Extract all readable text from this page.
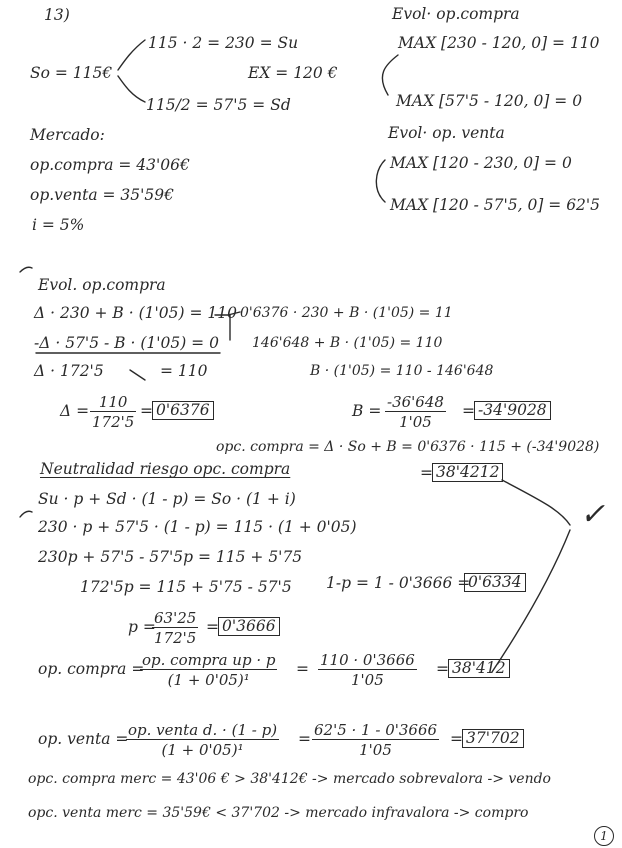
13)
So = 115€
115 · 2 = 230 = Su
115/2 = 57'5 = Sd
EX = 120 €
Evol· op.compra
MAX [230 - 120, 0] = 110
MAX [57'5 - 120, 0] = 0
Mercado:
op.compra = 43'06€
op.venta = 35'59€
i = 5%
Evol· op. venta
MAX [120 - 230, 0] = 0
MAX [120 - 57'5, 0] = 62'5
Evol. op.compra
Δ · 230 + B · (1'05) = 110
-Δ · 57'5 - B · (1'05) = 0
Δ · 172'5	= 110
0'6376 · 230 + B · (1'05) = 11
146'648 + B · (1'05) = 110
B · (1'05) = 110 - 146'648
$\Delta = \frac{110}{172'5} = 0'6376$	$B = \frac{-36'648}{1'05} = -34'9028$
opc. compra = Δ · So + B = 0'6376 · 115 + (-34'9028)
= 38'4212
Neutralidad riesgo opc. compra
Su · p + Sd · (1 - p) = So · (1 + i)
230 · p + 57'5 · (1 - p) = 115 · (1 + 0'05)
230p + 57'5 - 57'5p = 115 + 5'75
172'5p = 115 + 5'75 - 57'5 1-p = 1 - 0'3666 =
0'6334
p =
$\frac{63'25}{172'5} = 0'3666$
op. compra =
op. compra up · p
(1 + 0'05)¹
= $\frac{110 \cdot 0'3666}{1'05} = 38'412$
op. venta = op. venta d. · (1 - p)
(1 + 0'05)¹
= $\frac{62'5 \cdot 1 - 0'3666}{1'05} = 37'702$
opc. compra merc = 43'06 € > 38'412€ -> mercado sobrevalora -> vendo
opc. venta merc = 35'59€ < 37'702 -> mercado infravalora -> compro
✓
1
